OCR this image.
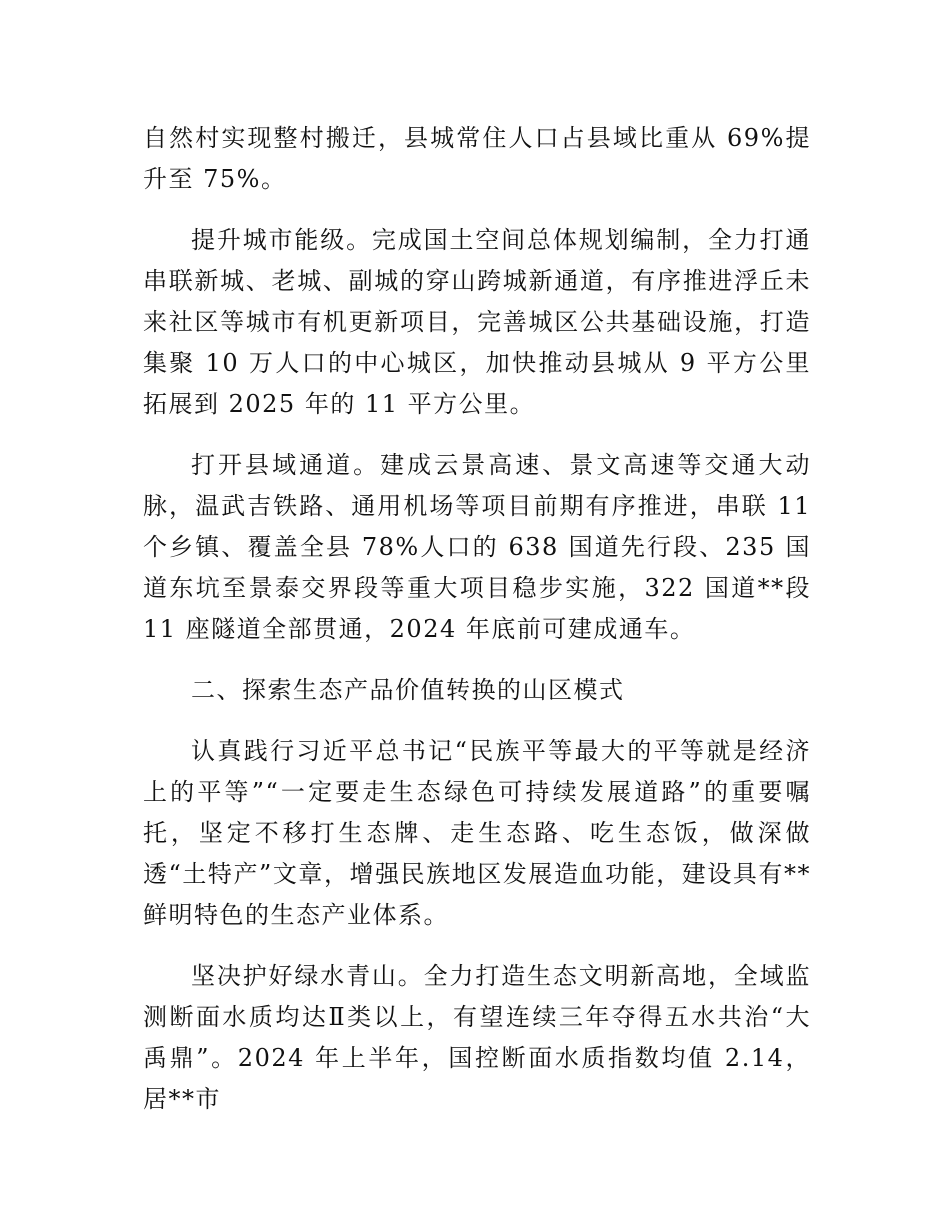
自然村实现整村搬迁，县城常住人口占县域比重从 69%提升至 75%。

提升城市能级。完成国土空间总体规划编制，全力打通串联新城、老城、副城的穿山跨城新通道，有序推进浮丘未来社区等城市有机更新项目，完善城区公共基础设施，打造集聚 10 万人口的中心城区，加快推动县城从 9 平方公里拓展到 2025 年的 11 平方公里。

打开县域通道。建成云景高速、景文高速等交通大动脉，温武吉铁路、通用机场等项目前期有序推进，串联 11 个乡镇、覆盖全县 78%人口的 638 国道先行段、235 国道东坑至景泰交界段等重大项目稳步实施，322 国道**段 11 座隧道全部贯通，2024 年底前可建成通车。

二、探索生态产品价值转换的山区模式

认真践行习近平总书记“民族平等最大的平等就是经济上的平等”“一定要走生态绿色可持续发展道路”的重要嘱托，坚定不移打生态牌、走生态路、吃生态饭，做深做透“土特产”文章，增强民族地区发展造血功能，建设具有**鲜明特色的生态产业体系。

坚决护好绿水青山。全力打造生态文明新高地，全域监测断面水质均达Ⅱ类以上，有望连续三年夺得五水共治“大禹鼎”。2024 年上半年，国控断面水质指数均值 2.14，居**市
